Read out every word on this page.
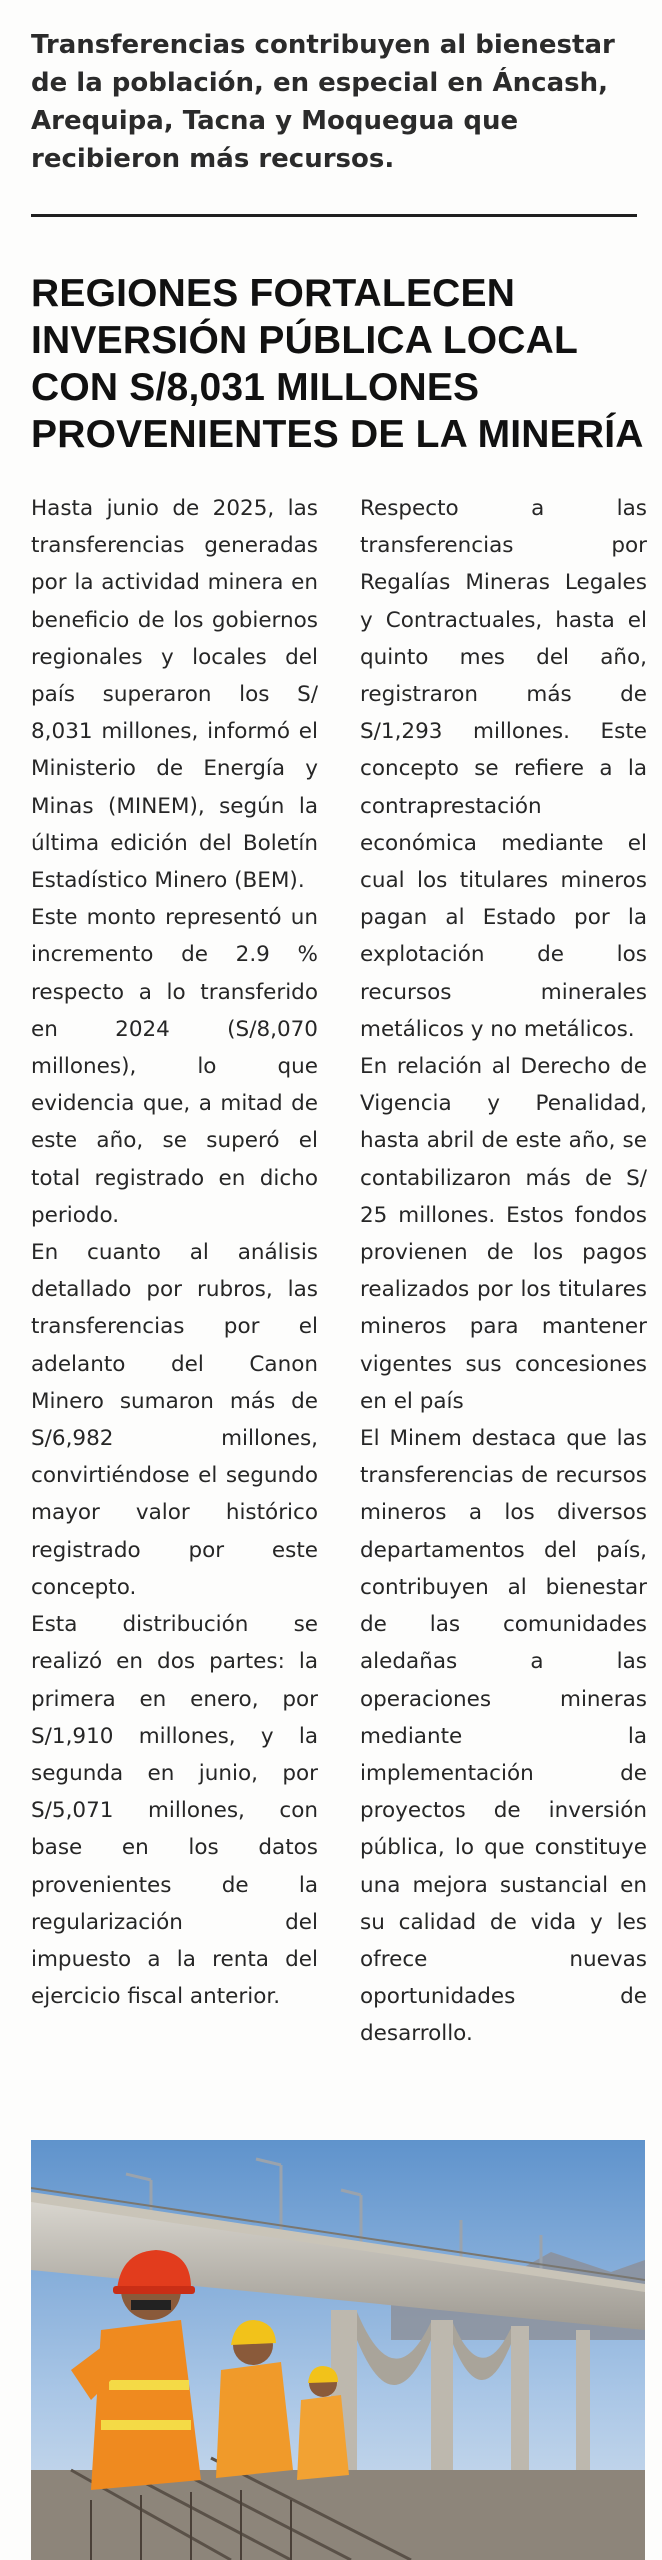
Transferencias contribuyen al bienestar de la población, en especial en Áncash, Arequipa, Tacna y Moquegua que recibieron más recursos.

REGIONES FORTALECEN INVERSIÓN PÚBLICA LOCAL CON S/8,031 MILLONES PROVENIENTES DE LA MINERÍA

Hasta junio de 2025, las transferencias generadas por la actividad minera en beneficio de los gobiernos regionales y locales del país superaron los S/ 8,031 millones, informó el Ministerio de Energía y Minas (MINEM), según la última edición del Boletín Estadístico Minero (BEM).

Este monto representó un incremento de 2.9 % respecto a lo transferido en 2024 (S/8,070 millones), lo que evidencia que, a mitad de este año, se superó el total registrado en dicho periodo.

En cuanto al análisis detallado por rubros, las transferencias por el adelanto del Canon Minero sumaron más de S/6,982 millones, convirtiéndose el segundo mayor valor histórico registrado por este concepto.

Esta distribución se realizó en dos partes: la primera en enero, por S/1,910 millones, y la segunda en junio, por S/5,071 millones, con base en los datos provenientes de la regularización del impuesto a la renta del ejercicio fiscal anterior.

Respecto a las transferencias por Regalías Mineras Legales y Contractuales, hasta el quinto mes del año, registraron más de S/1,293 millones. Este concepto se refiere a la contraprestación económica mediante el cual los titulares mineros pagan al Estado por la explotación de los recursos minerales metálicos y no metálicos.

En relación al Derecho de Vigencia y Penalidad, hasta abril de este año, se contabilizaron más de S/ 25 millones. Estos fondos provienen de los pagos realizados por los titulares mineros para mantener vigentes sus concesiones en el país

El Minem destaca que las transferencias de recursos mineros a los diversos departamentos del país, contribuyen al bienestar de las comunidades aledañas a las operaciones mineras mediante la implementación de proyectos de inversión pública, lo que constituye una mejora sustancial en su calidad de vida y les ofrece nuevas oportunidades de desarrollo.
